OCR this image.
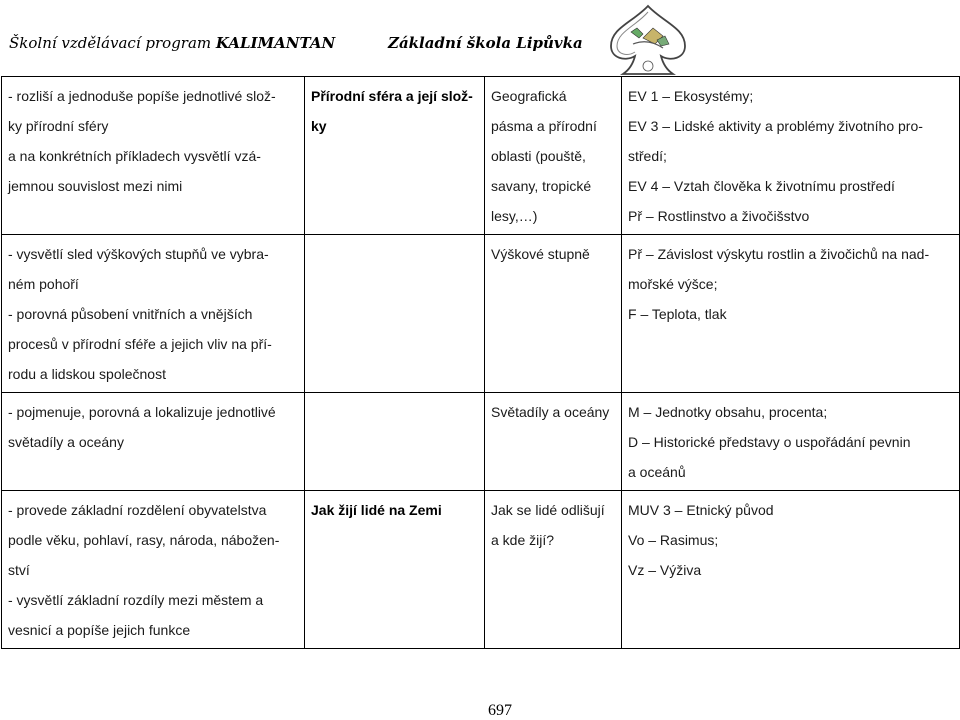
Školní vzdělávací program KALIMANTAN	Základní škola Lipůvka
- rozliší a jednoduše popíše jednotlivé slož-
ky přírodní sféry
a na konkrétních příkladech vysvětlí vzá-
jemnou souvislost mezi nimi	Přírodní sféra a její slož-
ky	Geografická
pásma a přírodní
oblasti (pouště,
savany, tropické
lesy,…)	EV 1 – Ekosystémy;
EV 3 – Lidské aktivity a problémy životního pro-
středí;
EV 4 – Vztah člověka k životnímu prostředí
Př – Rostlinstvo a živočišstvo

- vysvětlí sled výškových stupňů ve vybra-
ném pohoří
- porovná působení vnitřních a vnějších
procesů v přírodní sféře a jejich vliv na pří-
rodu a lidskou společnost		Výškové stupně	Př – Závislost výskytu rostlin a živočichů na nad-
mořské výšce;
F – Teplota, tlak

- pojmenuje, porovná a lokalizuje jednotlivé
světadíly a oceány		Světadíly a oceány	M – Jednotky obsahu, procenta;
D – Historické představy o uspořádání pevnin
a oceánů

- provede základní rozdělení obyvatelstva
podle věku, pohlaví, rasy, národa, nábožen-
ství
- vysvětlí základní rozdíly mezi městem a
vesnicí a popíše jejich funkce	Jak žijí lidé na Zemi	Jak se lidé odlišují
a kde žijí?	MUV 3 – Etnický původ
Vo – Rasimus;
Vz – Výživa
697
